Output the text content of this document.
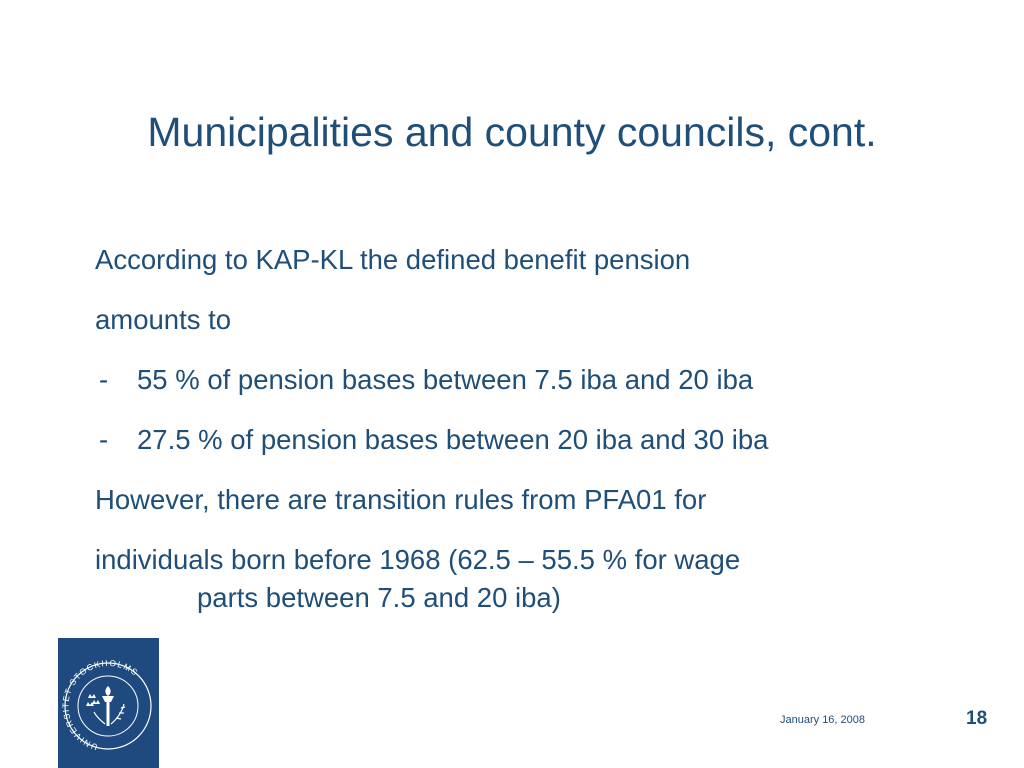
Municipalities and county councils, cont.

According to KAP-KL the defined benefit pension

amounts to

-	55 % of pension bases between 7.5 iba and 20 iba
-	27.5 % of pension bases between 20 iba and 30 iba

However, there are transition rules from PFA01 for

individuals born before 1968 (62.5 – 55.5 % for wage

parts between 7.5 and 20 iba)
UNIVERSITET STOCKHOLMS
January 16, 2008	18
